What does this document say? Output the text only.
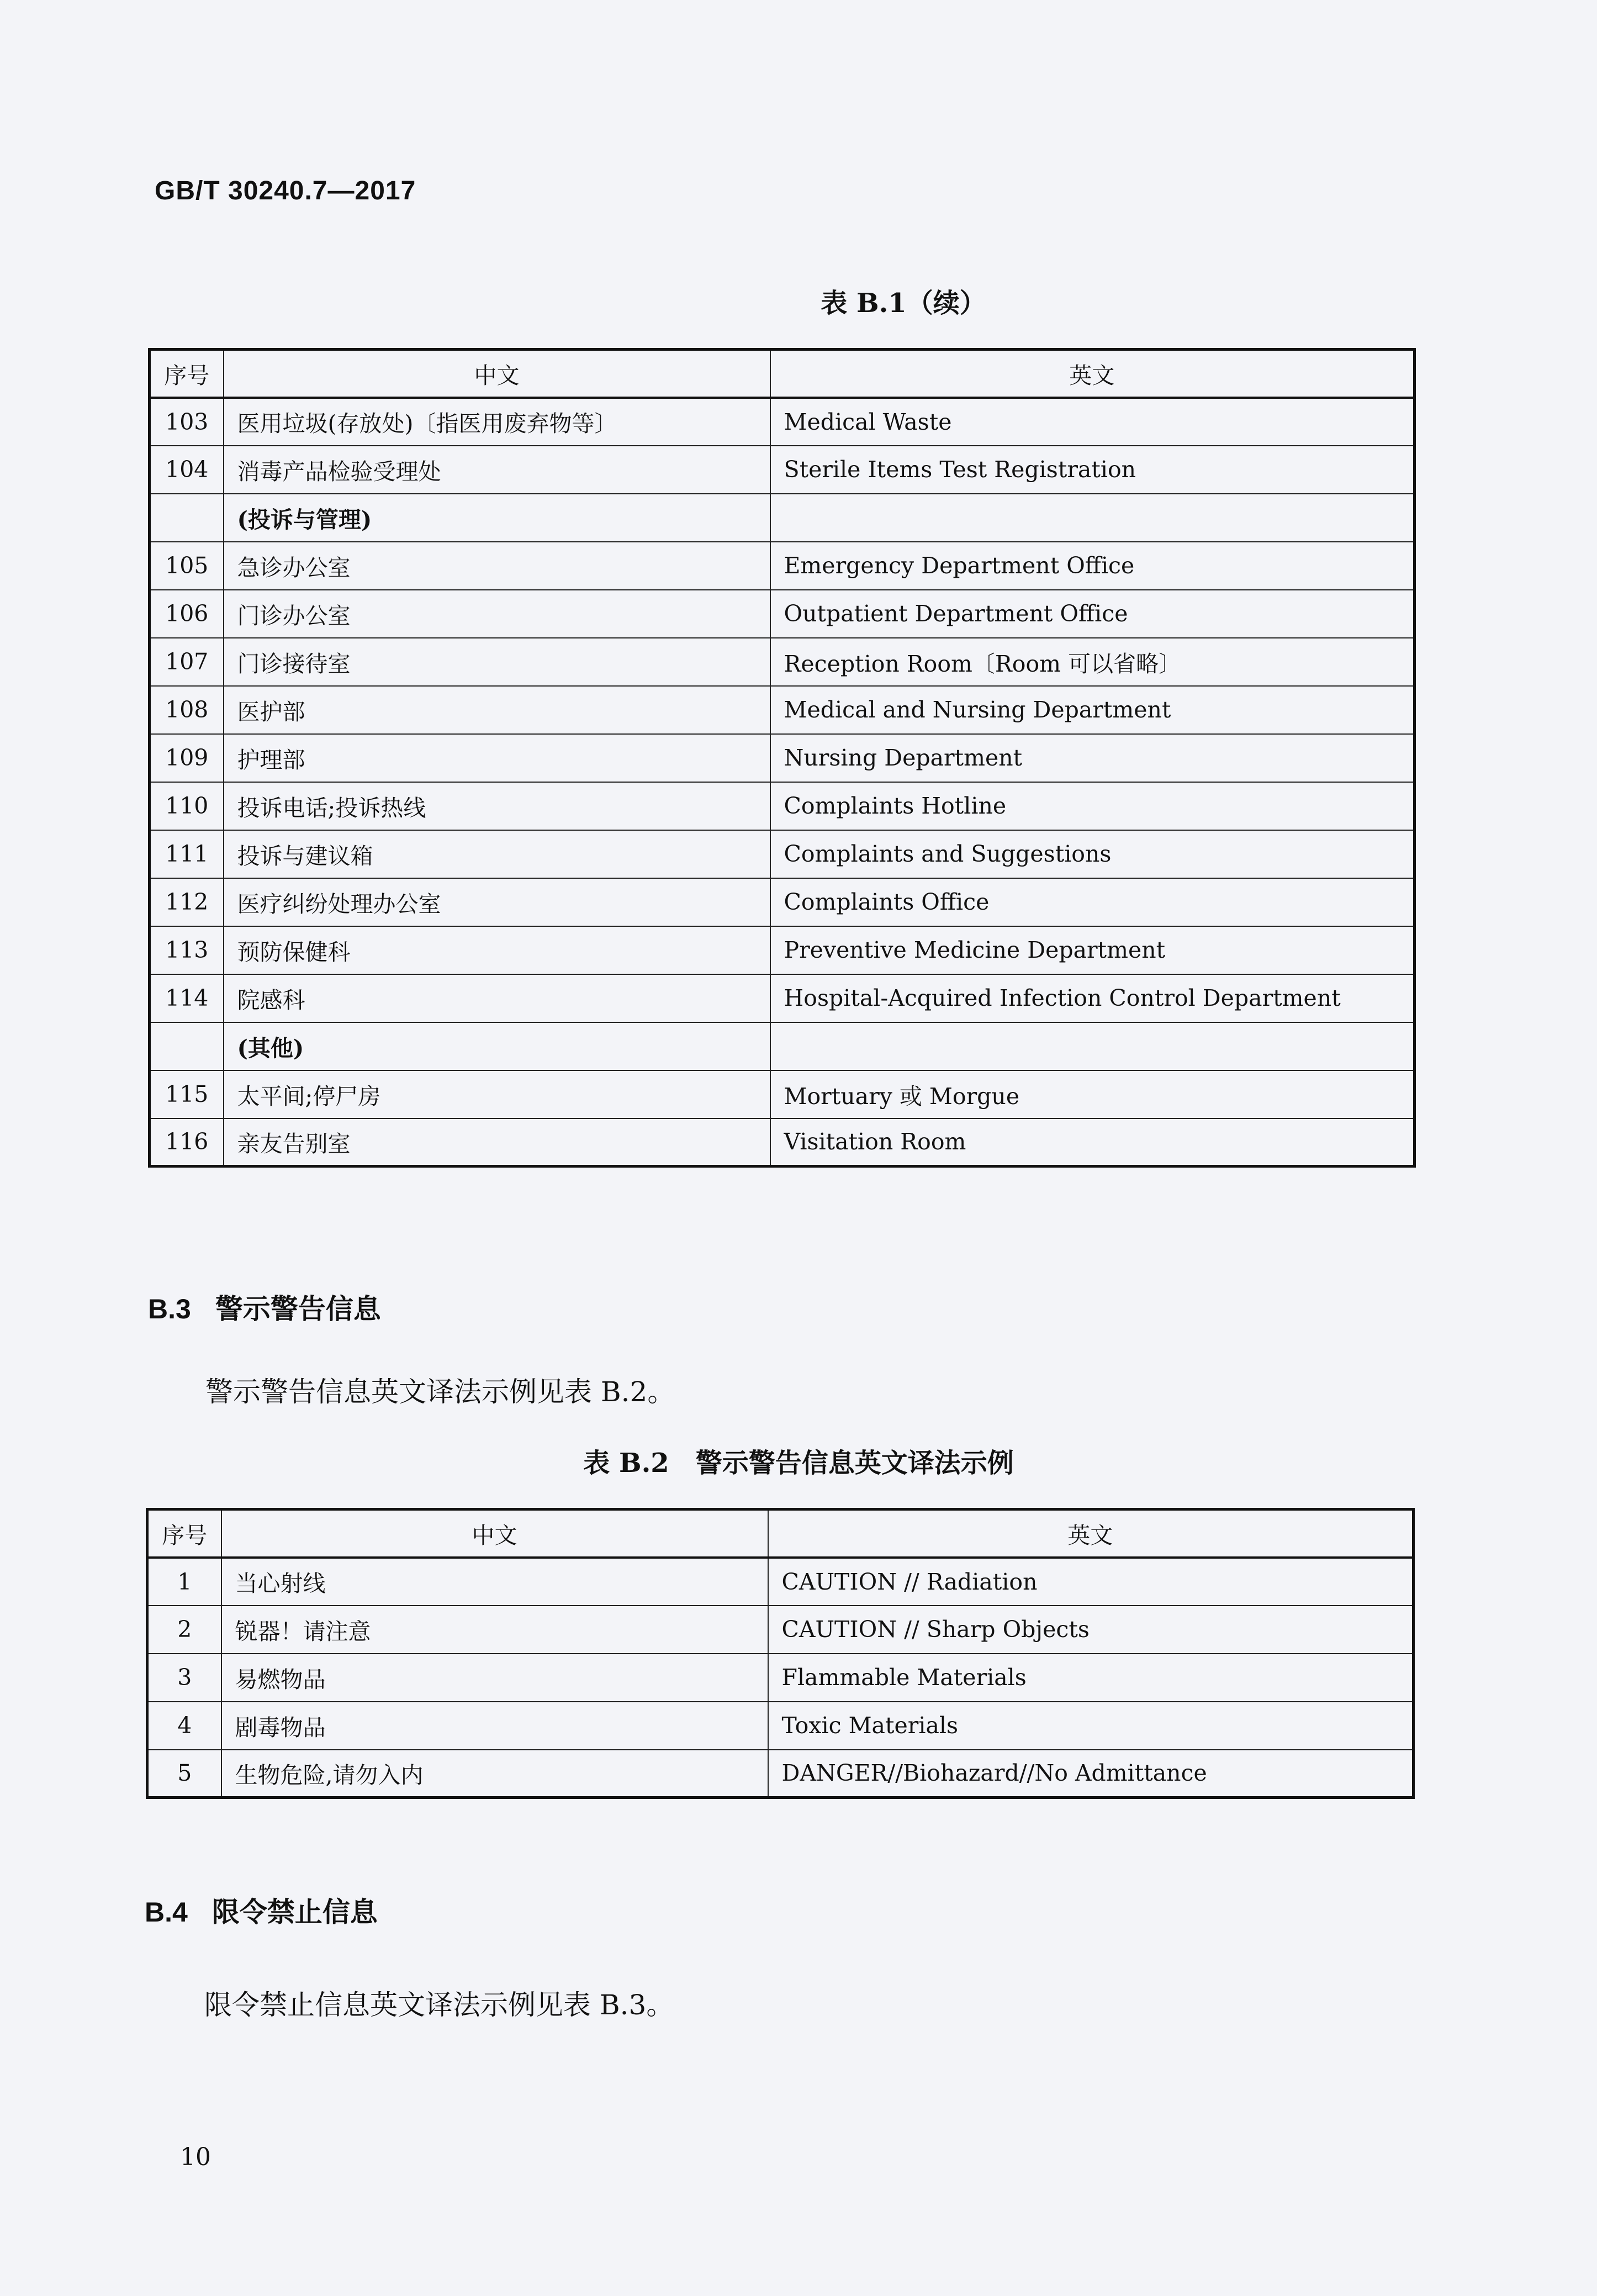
GB/T 30240.7—2017
表 B.1（续）
序号	中文	英文
103	医用垃圾(存放处)〔指医用废弃物等〕	Medical Waste
104	消毒产品检验受理处	Sterile Items Test Registration
	(投诉与管理)	
105	急诊办公室	Emergency Department Office
106	门诊办公室	Outpatient Department Office
107	门诊接待室	Reception Room〔Room 可以省略〕
108	医护部	Medical and Nursing Department
109	护理部	Nursing Department
110	投诉电话;投诉热线	Complaints Hotline
111	投诉与建议箱	Complaints and Suggestions
112	医疗纠纷处理办公室	Complaints Office
113	预防保健科	Preventive Medicine Department
114	院感科	Hospital-Acquired Infection Control Department
	(其他)	
115	太平间;停尸房	Mortuary 或 Morgue
116	亲友告别室	Visitation Room
B.3 警示警告信息
警示警告信息英文译法示例见表 B.2。
表 B.2　警示警告信息英文译法示例
序号	中文	英文
1	当心射线	CAUTION // Radiation
2	锐器！请注意	CAUTION // Sharp Objects
3	易燃物品	Flammable Materials
4	剧毒物品	Toxic Materials
5	生物危险,请勿入内	DANGER//Biohazard//No Admittance
B.4 限令禁止信息
限令禁止信息英文译法示例见表 B.3。
10
